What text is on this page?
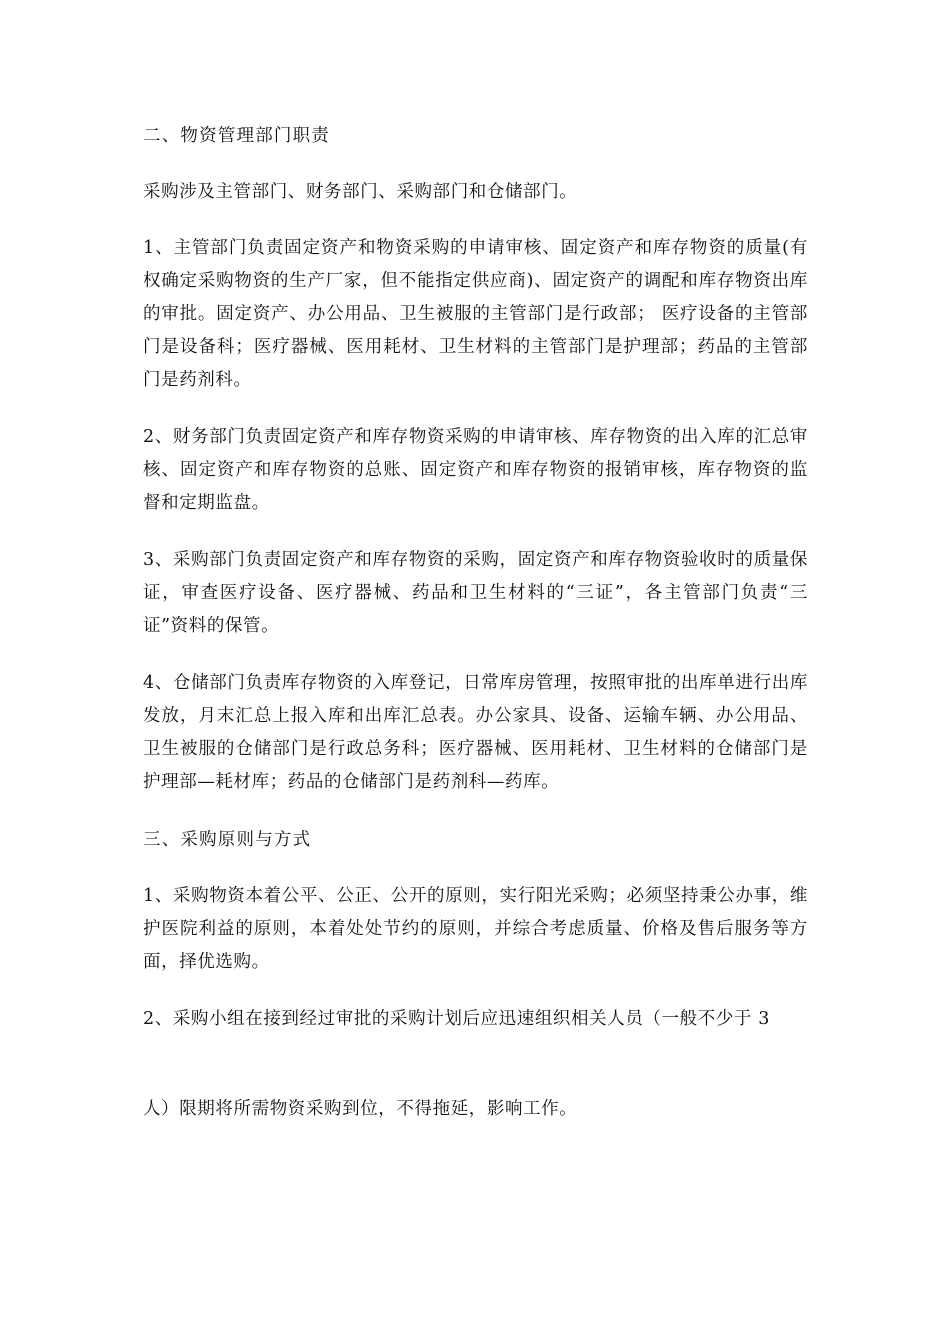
二、物资管理部门职责

采购涉及主管部门、财务部门、采购部门和仓储部门。

1、主管部门负责固定资产和物资采购的申请审核、固定资产和库存物资的质量(有权确定采购物资的生产厂家，但不能指定供应商)、固定资产的调配和库存物资出库的审批。固定资产、办公用品、卫生被服的主管部门是行政部； 医疗设备的主管部门是设备科；医疗器械、医用耗材、卫生材料的主管部门是护理部；药品的主管部门是药剂科。

2、财务部门负责固定资产和库存物资采购的申请审核、库存物资的出入库的汇总审核、固定资产和库存物资的总账、固定资产和库存物资的报销审核，库存物资的监督和定期监盘。

3、采购部门负责固定资产和库存物资的采购，固定资产和库存物资验收时的质量保证，审查医疗设备、医疗器械、药品和卫生材料的“三证”，各主管部门负责“三证”资料的保管。

4、仓储部门负责库存物资的入库登记，日常库房管理，按照审批的出库单进行出库发放，月末汇总上报入库和出库汇总表。办公家具、设备、运输车辆、办公用品、卫生被服的仓储部门是行政总务科；医疗器械、医用耗材、卫生材料的仓储部门是护理部—耗材库；药品的仓储部门是药剂科—药库。

三、采购原则与方式

1、采购物资本着公平、公正、公开的原则，实行阳光采购；必须坚持秉公办事，维护医院利益的原则，本着处处节约的原则，并综合考虑质量、价格及售后服务等方面，择优选购。

2、采购小组在接到经过审批的采购计划后应迅速组织相关人员（一般不少于 3

人）限期将所需物资采购到位，不得拖延，影响工作。
